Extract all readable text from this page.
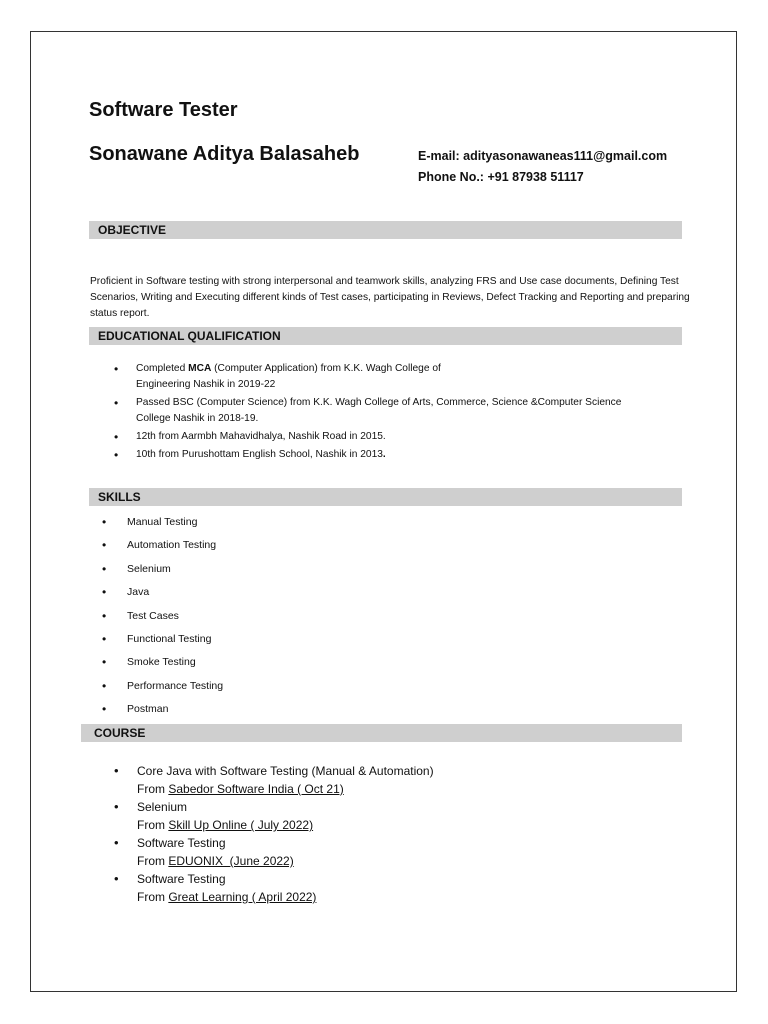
Software Tester
Sonawane Aditya Balasaheb	E-mail: adityasonawaneas111@gmail.com
Phone No.: +91 87938 51117
OBJECTIVE
Proficient in Software testing with strong interpersonal and teamwork skills, analyzing FRS and Use case documents, Defining Test Scenarios, Writing and Executing different kinds of Test cases, participating in Reviews, Defect Tracking and Reporting and preparing status report.
EDUCATIONAL QUALIFICATION
• Completed MCA (Computer Application) from K.K. Wagh College of
Engineering Nashik in 2019-22
• Passed BSC (Computer Science) from K.K. Wagh College of Arts, Commerce, Science &Computer Science
College Nashik in 2018-19.
• 12th from Aarmbh Mahavidhalya, Nashik Road in 2015.
• 10th from Purushottam English School, Nashik in 2013.
SKILLS
• Manual Testing
• Automation Testing
• Selenium
• Java
• Test Cases
• Functional Testing
• Smoke Testing
• Performance Testing
• Postman
COURSE
• Core Java with Software Testing (Manual & Automation)
From Sabedor Software India ( Oct 21)
• Selenium
From Skill Up Online ( July 2022)
• Software Testing
From EDUONIX  (June 2022)
• Software Testing
From Great Learning ( April 2022)
